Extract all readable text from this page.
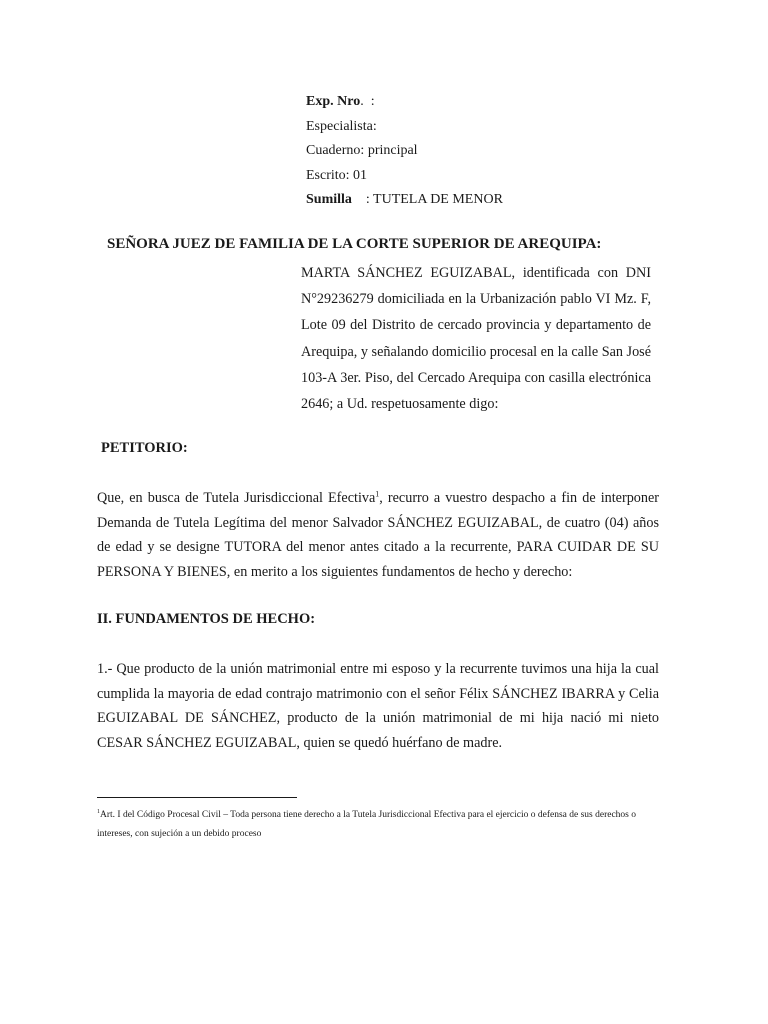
Exp. Nro.  :
Especialista:
Cuaderno: principal
Escrito: 01
Sumilla    : TUTELA DE MENOR
SEÑORA JUEZ DE FAMILIA DE LA CORTE SUPERIOR DE AREQUIPA:
MARTA SÁNCHEZ EGUIZABAL, identificada con DNI N°29236279 domiciliada en la Urbanización pablo VI Mz. F, Lote 09 del Distrito de cercado provincia y departamento de Arequipa, y señalando domicilio procesal en la calle San José 103-A 3er. Piso, del Cercado Arequipa con casilla electrónica 2646; a Ud. respetuosamente digo:
PETITORIO:
Que, en busca de Tutela Jurisdiccional Efectiva$^1$, recurro a vuestro despacho a fin de interponer Demanda de Tutela Legítima del menor Salvador SÁNCHEZ EGUIZABAL, de cuatro (04) años de edad y se designe TUTORA del menor antes citado a la recurrente, PARA CUIDAR DE SU PERSONA Y BIENES, en merito a los siguientes fundamentos de hecho y derecho:
II. FUNDAMENTOS DE HECHO:
1.- Que producto de la unión matrimonial entre mi esposo y la recurrente tuvimos una hija la cual cumplida la mayoria de edad contrajo matrimonio con el señor Félix SÁNCHEZ IBARRA y Celia EGUIZABAL DE SÁNCHEZ, producto de la unión matrimonial de mi hija nació mi nieto CESAR SÁNCHEZ EGUIZABAL, quien se quedó huérfano de madre.
$^1$Art. I del Código Procesal Civil – Toda persona tiene derecho a la Tutela Jurisdiccional Efectiva para el ejercicio o defensa de sus derechos o intereses, con sujeción a un debido proceso
